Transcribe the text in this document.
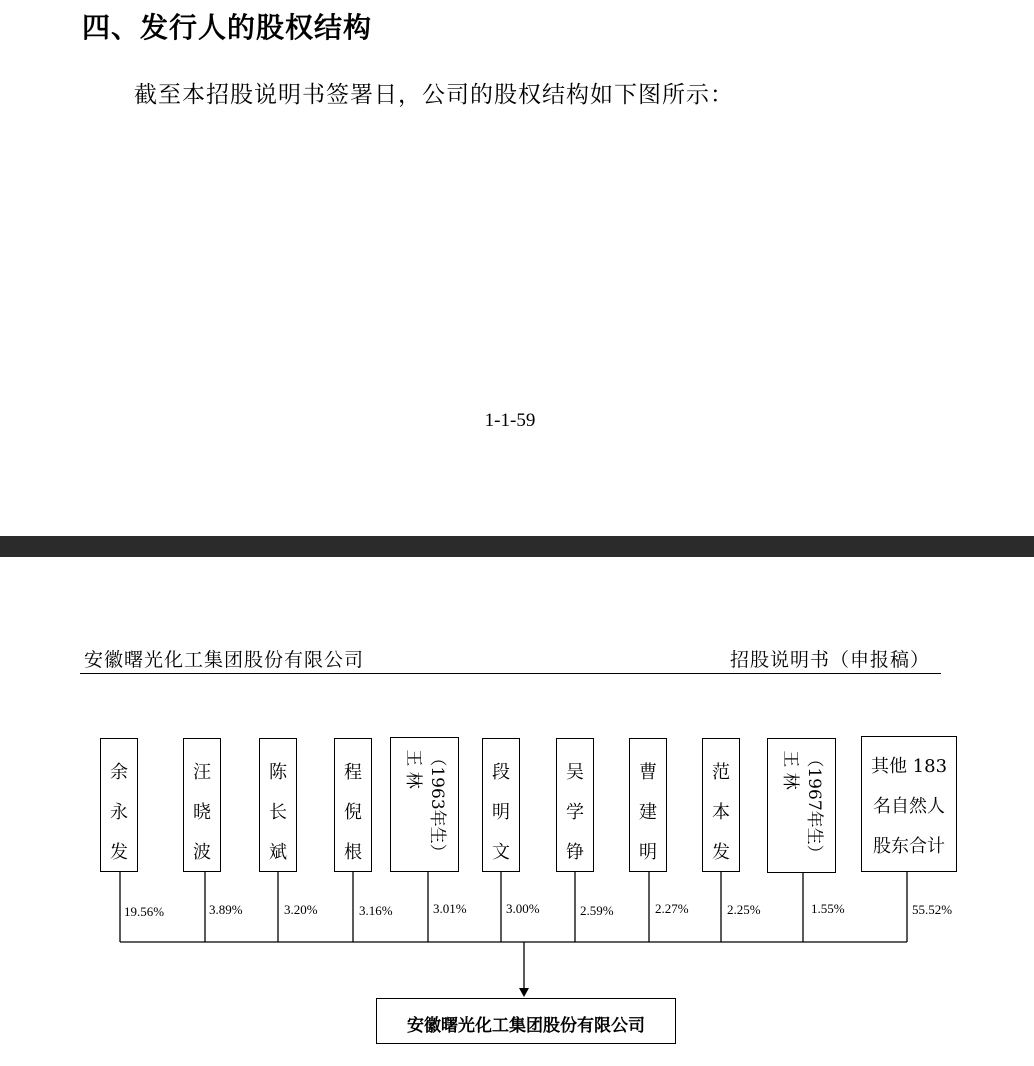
四、发行人的股权结构
截至本招股说明书签署日，公司的股权结构如下图所示：
1-1-59
安徽曙光化工集团股份有限公司	招股说明书（申报稿）
余
永
发
汪
晓
波
陈
长
斌
程
倪
根	（1963年生）
王 林	段
明
文
吴
学
铮
曹
建
明
范
本
发	（1967年生）
王 林	其他 183
名自然人
股东合计
19.56%	3.89%	3.20%	3.16%	3.01%	3.00%	2.59%	2.27%	2.25%	1.55%	55.52%
安徽曙光化工集团股份有限公司
